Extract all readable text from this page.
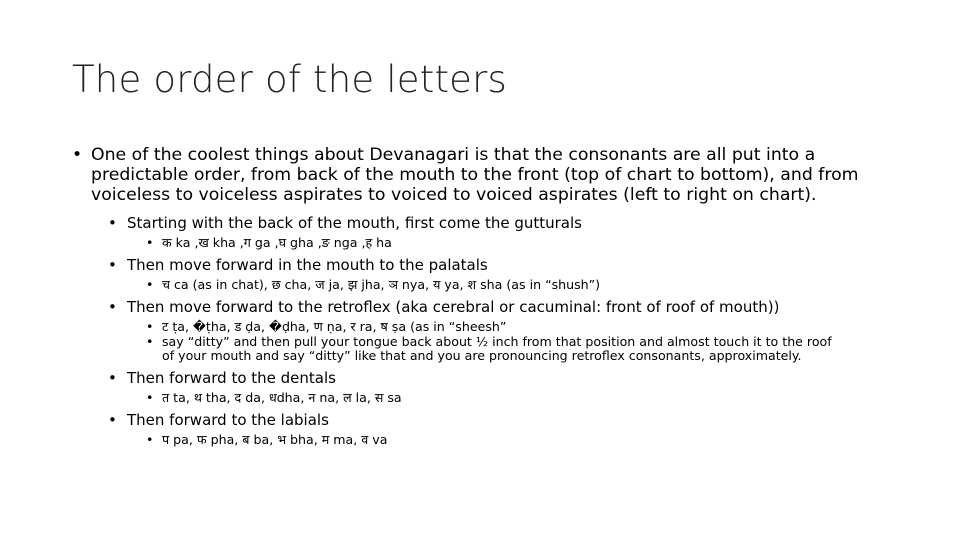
The order of the letters
• One of the coolest things about Devanagari is that the consonants are all put into a predictable order, from back of the mouth to the front (top of chart to bottom), and from voiceless to voiceless aspirates to voiced to voiced aspirates (left to right on chart).
• Starting with the back of the mouth, first come the gutturals
• क ka ,ख kha ,ग ga ,घ gha ,ङ nga ,ह ha
• Then move forward in the mouth to the palatals
• च ca (as in chat), छ cha, ज ja, झ jha, ञ nya, य ya, श sha (as in “shush”)
• Then move forward to the retroflex (aka cerebral or cacuminal: front of roof of mouth))
• ट ṭa, �ṭha, ड ḍa, �ḍha, ण ṇa, र ra, ष ṣa (as in “sheesh”
• say “ditty” and then pull your tongue back about ½ inch from that position and almost touch it to the roof of your mouth and say “ditty” like that and you are pronouncing retroflex consonants, approximately.
• Then forward to the dentals
• त ta, थ tha, द da, धdha, न na, ल la, स sa
• Then forward to the labials
• प pa, फ pha, ब ba, भ bha, म ma, व va
